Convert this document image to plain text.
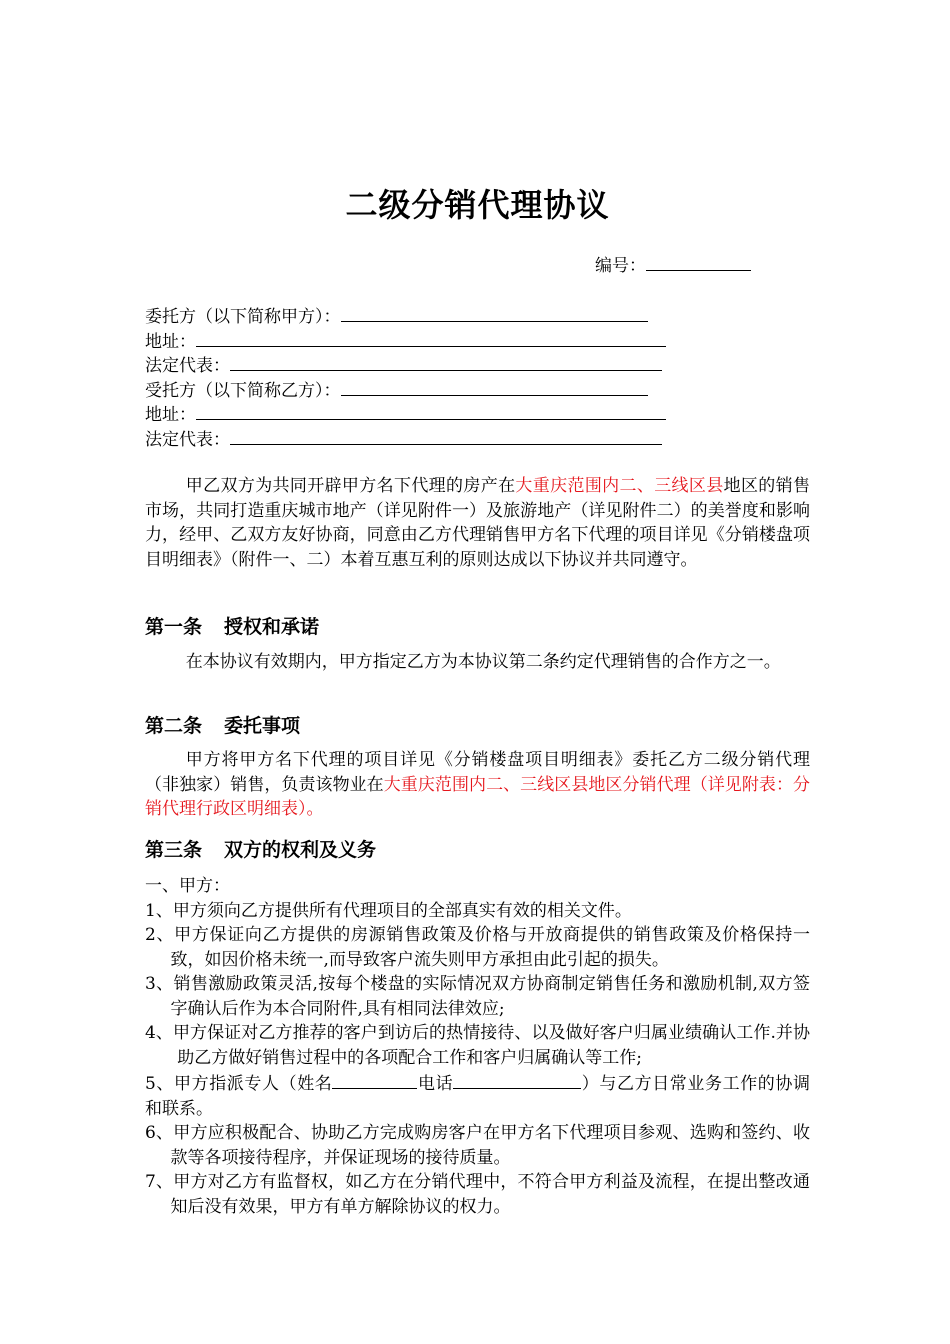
二级分销代理协议
编号：
委托方（以下简称甲方）：
地址：
法定代表：
受托方（以下简称乙方）：
地址：
法定代表：
甲乙双方为共同开辟甲方名下代理的房产在大重庆范围内二、三线区县地区的销售市场，共同打造重庆城市地产（详见附件一）及旅游地产（详见附件二）的美誉度和影响力，经甲、乙双方友好协商，同意由乙方代理销售甲方名下代理的项目详见《分销楼盘项目明细表》（附件一、二）本着互惠互利的原则达成以下协议并共同遵守。
第一条 授权和承诺
在本协议有效期内，甲方指定乙方为本协议第二条约定代理销售的合作方之一。
第二条 委托事项
甲方将甲方名下代理的项目详见《分销楼盘项目明细表》委托乙方二级分销代理（非独家）销售，负责该物业在大重庆范围内二、三线区县地区分销代理（详见附表：分销代理行政区明细表）。
第三条 双方的权利及义务
一、甲方：
1、甲方须向乙方提供所有代理项目的全部真实有效的相关文件。
2、甲方保证向乙方提供的房源销售政策及价格与开放商提供的销售政策及价格保持一致，如因价格未统一,而导致客户流失则甲方承担由此引起的损失。
3、销售激励政策灵活,按每个楼盘的实际情况双方协商制定销售任务和激励机制,双方签字确认后作为本合同附件,具有相同法律效应;
4、甲方保证对乙方推荐的客户到访后的热情接待、以及做好客户归属业绩确认工作.并协助乙方做好销售过程中的各项配合工作和客户归属确认等工作;
5、甲方指派专人（姓名	电话	）与乙方日常业务工作的协调和联系。
6、甲方应积极配合、协助乙方完成购房客户在甲方名下代理项目参观、选购和签约、收款等各项接待程序，并保证现场的接待质量。
7、甲方对乙方有监督权，如乙方在分销代理中，不符合甲方利益及流程，在提出整改通知后没有效果，甲方有单方解除协议的权力。
